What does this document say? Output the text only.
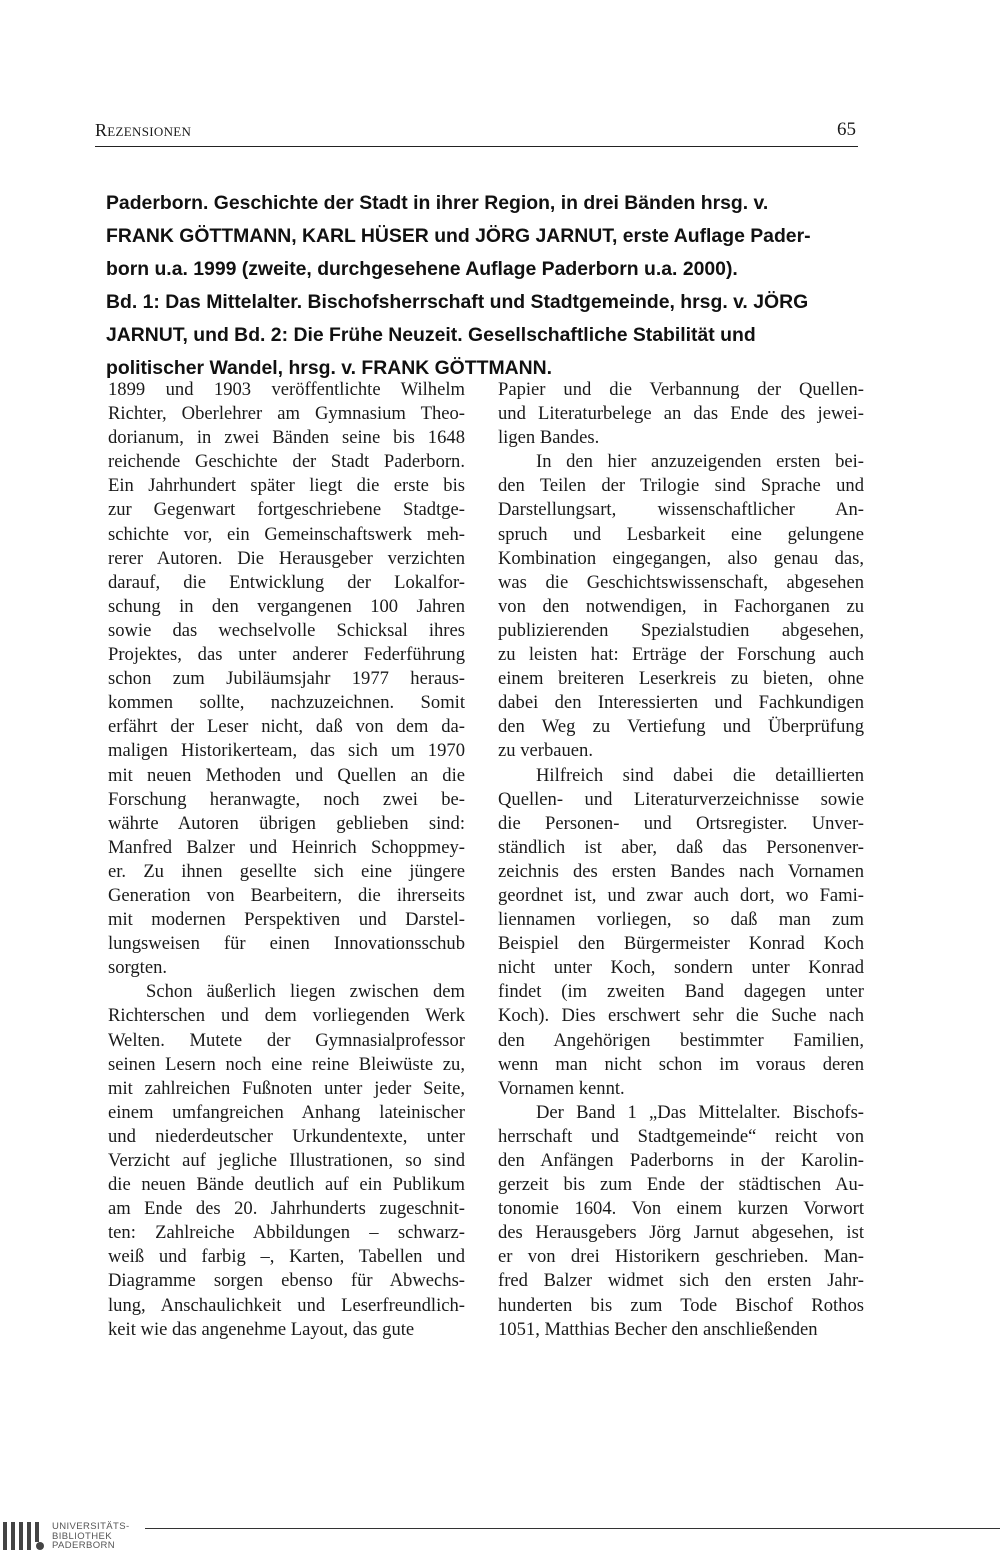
Rezensionen	65
Paderborn. Geschichte der Stadt in ihrer Region, in drei Bänden hrsg. v.
FRANK GÖTTMANN, KARL HÜSER und JÖRG JARNUT, erste Auflage Pader-
born u.a. 1999 (zweite, durchgesehene Auflage Paderborn u.a. 2000).
Bd. 1: Das Mittelalter. Bischofsherrschaft und Stadtgemeinde, hrsg. v. JÖRG
JARNUT, und Bd. 2: Die Frühe Neuzeit. Gesellschaftliche Stabilität und
politischer Wandel, hrsg. v. FRANK GÖTTMANN.
1899 und 1903 veröffentlichte Wilhelm
Richter, Oberlehrer am Gymnasium Theo-
dorianum, in zwei Bänden seine bis 1648
reichende Geschichte der Stadt Paderborn.
Ein Jahrhundert später liegt die erste bis
zur Gegenwart fortgeschriebene Stadtge-
schichte vor, ein Gemeinschaftswerk meh-
rerer Autoren. Die Herausgeber verzichten
darauf, die Entwicklung der Lokalfor-
schung in den vergangenen 100 Jahren
sowie das wechselvolle Schicksal ihres
Projektes, das unter anderer Federführung
schon zum Jubiläumsjahr 1977 heraus-
kommen sollte, nachzuzeichnen. Somit
erfährt der Leser nicht, daß von dem da-
maligen Historikerteam, das sich um 1970
mit neuen Methoden und Quellen an die
Forschung heranwagte, noch zwei be-
währte Autoren übrigen geblieben sind:
Manfred Balzer und Heinrich Schoppmey-
er. Zu ihnen gesellte sich eine jüngere
Generation von Bearbeitern, die ihrerseits
mit modernen Perspektiven und Darstel-
lungsweisen für einen Innovationsschub
sorgten.
Schon äußerlich liegen zwischen dem
Richterschen und dem vorliegenden Werk
Welten. Mutete der Gymnasialprofessor
seinen Lesern noch eine reine Bleiwüste zu,
mit zahlreichen Fußnoten unter jeder Seite,
einem umfangreichen Anhang lateinischer
und niederdeutscher Urkundentexte, unter
Verzicht auf jegliche Illustrationen, so sind
die neuen Bände deutlich auf ein Publikum
am Ende des 20. Jahrhunderts zugeschnit-
ten: Zahlreiche Abbildungen – schwarz-
weiß und farbig –, Karten, Tabellen und
Diagramme sorgen ebenso für Abwechs-
lung, Anschaulichkeit und Leserfreundlich-
keit wie das angenehme Layout, das gute
Papier und die Verbannung der Quellen-
und Literaturbelege an das Ende des jewei-
ligen Bandes.
In den hier anzuzeigenden ersten bei-
den Teilen der Trilogie sind Sprache und
Darstellungsart, wissenschaftlicher An-
spruch und Lesbarkeit eine gelungene
Kombination eingegangen, also genau das,
was die Geschichtswissenschaft, abgesehen
von den notwendigen, in Fachorganen zu
publizierenden Spezialstudien abgesehen,
zu leisten hat: Erträge der Forschung auch
einem breiteren Leserkreis zu bieten, ohne
dabei den Interessierten und Fachkundigen
den Weg zu Vertiefung und Überprüfung
zu verbauen.
Hilfreich sind dabei die detaillierten
Quellen- und Literaturverzeichnisse sowie
die Personen- und Ortsregister. Unver-
ständlich ist aber, daß das Personenver-
zeichnis des ersten Bandes nach Vornamen
geordnet ist, und zwar auch dort, wo Fami-
liennamen vorliegen, so daß man zum
Beispiel den Bürgermeister Konrad Koch
nicht unter Koch, sondern unter Konrad
findet (im zweiten Band dagegen unter
Koch). Dies erschwert sehr die Suche nach
den Angehörigen bestimmter Familien,
wenn man nicht schon im voraus deren
Vornamen kennt.
Der Band 1 „Das Mittelalter. Bischofs-
herrschaft und Stadtgemeinde“ reicht von
den Anfängen Paderborns in der Karolin-
gerzeit bis zum Ende der städtischen Au-
tonomie 1604. Von einem kurzen Vorwort
des Herausgebers Jörg Jarnut abgesehen, ist
er von drei Historikern geschrieben. Man-
fred Balzer widmet sich den ersten Jahr-
hunderten bis zum Tode Bischof Rothos
1051, Matthias Becher den anschließenden
UNIVERSITÄTS-
BIBLIOTHEK
PADERBORN
